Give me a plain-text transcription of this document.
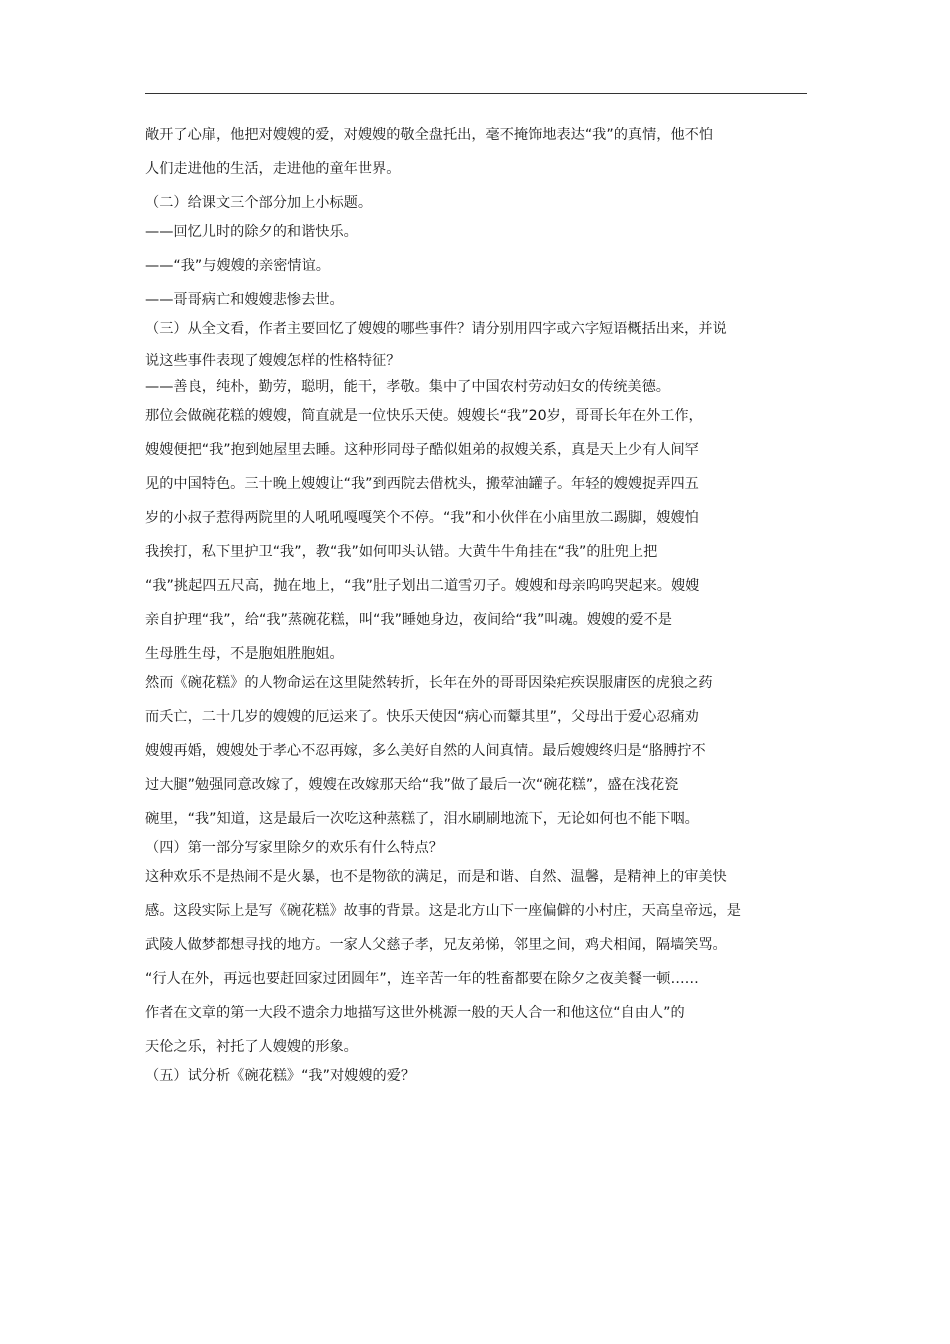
敞开了心扉，他把对嫂嫂的爱，对嫂嫂的敬全盘托出，毫不掩饰地表达“我”的真情，他不怕
人们走进他的生活，走进他的童年世界。
（二）给课文三个部分加上小标题。
——回忆儿时的除夕的和谐快乐。
——“我”与嫂嫂的亲密情谊。
——哥哥病亡和嫂嫂悲惨去世。
（三）从全文看，作者主要回忆了嫂嫂的哪些事件？请分别用四字或六字短语概括出来，并说
说这些事件表现了嫂嫂怎样的性格特征？
——善良，纯朴，勤劳，聪明，能干，孝敬。集中了中国农村劳动妇女的传统美德。
那位会做碗花糕的嫂嫂，简直就是一位快乐天使。嫂嫂长“我”20岁，哥哥长年在外工作，
嫂嫂便把“我”抱到她屋里去睡。这种形同母子酷似姐弟的叔嫂关系，真是天上少有人间罕
见的中国特色。三十晚上嫂嫂让“我”到西院去借枕头，搬荤油罐子。年轻的嫂嫂捉弄四五
岁的小叔子惹得两院里的人吼吼嘎嘎笑个不停。“我”和小伙伴在小庙里放二踢脚，嫂嫂怕
我挨打，私下里护卫“我”，教“我”如何叩头认错。大黄牛牛角挂在“我”的肚兜上把
“我”挑起四五尺高，抛在地上，“我”肚子划出二道雪刃子。嫂嫂和母亲呜呜哭起来。嫂嫂
亲自护理“我”，给“我”蒸碗花糕，叫“我”睡她身边，夜间给“我”叫魂。嫂嫂的爱不是
生母胜生母，不是胞姐胜胞姐。
然而《碗花糕》的人物命运在这里陡然转折，长年在外的哥哥因染疟疾误服庸医的虎狼之药
而夭亡，二十几岁的嫂嫂的厄运来了。快乐天使因“病心而颦其里”，父母出于爱心忍痛劝
嫂嫂再婚，嫂嫂处于孝心不忍再嫁，多么美好自然的人间真情。最后嫂嫂终归是“胳膊拧不
过大腿”勉强同意改嫁了，嫂嫂在改嫁那天给“我”做了最后一次“碗花糕”，盛在浅花瓷
碗里，“我”知道，这是最后一次吃这种蒸糕了，泪水刷刷地流下，无论如何也不能下咽。
（四）第一部分写家里除夕的欢乐有什么特点？
这种欢乐不是热闹不是火暴，也不是物欲的满足，而是和谐、自然、温馨，是精神上的审美快
感。这段实际上是写《碗花糕》故事的背景。这是北方山下一座偏僻的小村庄，天高皇帝远，是
武陵人做梦都想寻找的地方。一家人父慈子孝，兄友弟悌，邻里之间，鸡犬相闻，隔墙笑骂。
“行人在外，再远也要赶回家过团圆年”，连辛苦一年的牲畜都要在除夕之夜美餐一顿……
作者在文章的第一大段不遗余力地描写这世外桃源一般的天人合一和他这位“自由人”的
天伦之乐，衬托了人嫂嫂的形象。
（五）试分析《碗花糕》“我”对嫂嫂的爱？
